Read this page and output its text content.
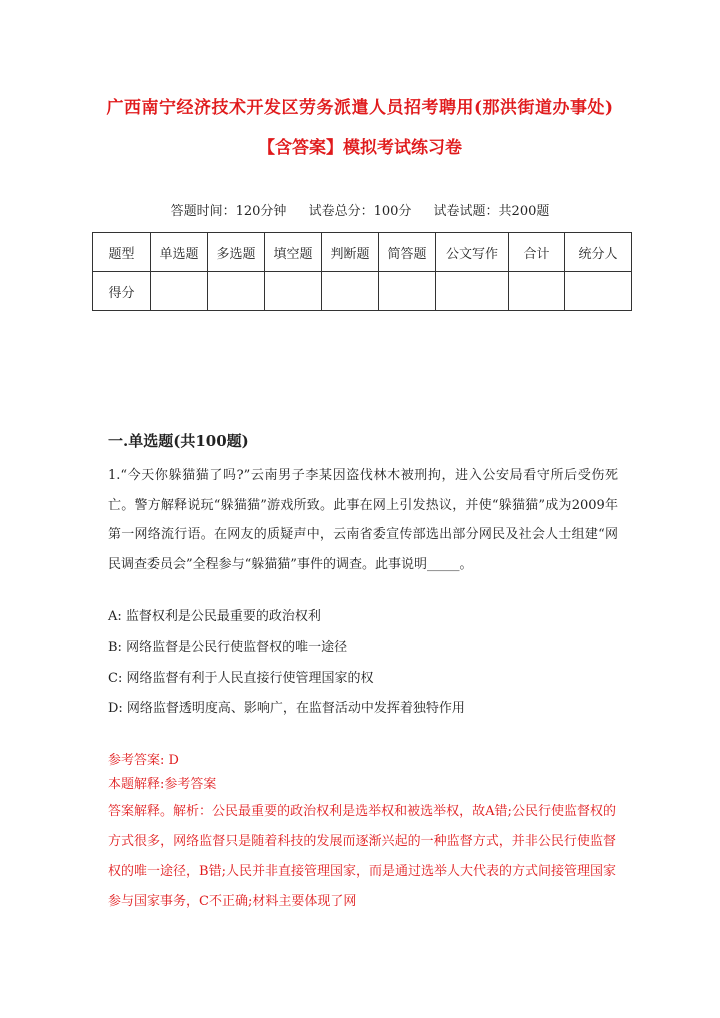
广西南宁经济技术开发区劳务派遣人员招考聘用(那洪街道办事处)
【含答案】模拟考试练习卷
答题时间：120分钟 试卷总分：100分 试卷试题：共200题
题型	单选题	多选题	填空题	判断题	简答题	公文写作	合计	统分人
得分								
一.单选题(共100题)
1.“今天你躲猫猫了吗?”云南男子李某因盗伐林木被刑拘，进入公安局看守所后受伤死亡。警方解释说玩“躲猫猫”游戏所致。此事在网上引发热议，并使“躲猫猫”成为2009年第一网络流行语。在网友的质疑声中，云南省委宣传部选出部分网民及社会人士组建“网民调查委员会”全程参与“躲猫猫”事件的调查。此事说明_____。
A: 监督权利是公民最重要的政治权利
B: 网络监督是公民行使监督权的唯一途径
C: 网络监督有利于人民直接行使管理国家的权
D: 网络监督透明度高、影响广，在监督活动中发挥着独特作用
参考答案: D
本题解释:参考答案
答案解释。解析：公民最重要的政治权利是选举权和被选举权，故A错;公民行使监督权的方式很多，网络监督只是随着科技的发展而逐渐兴起的一种监督方式，并非公民行使监督权的唯一途径，B错;人民并非直接管理国家，而是通过选举人大代表的方式间接管理国家参与国家事务，C不正确;材料主要体现了网
